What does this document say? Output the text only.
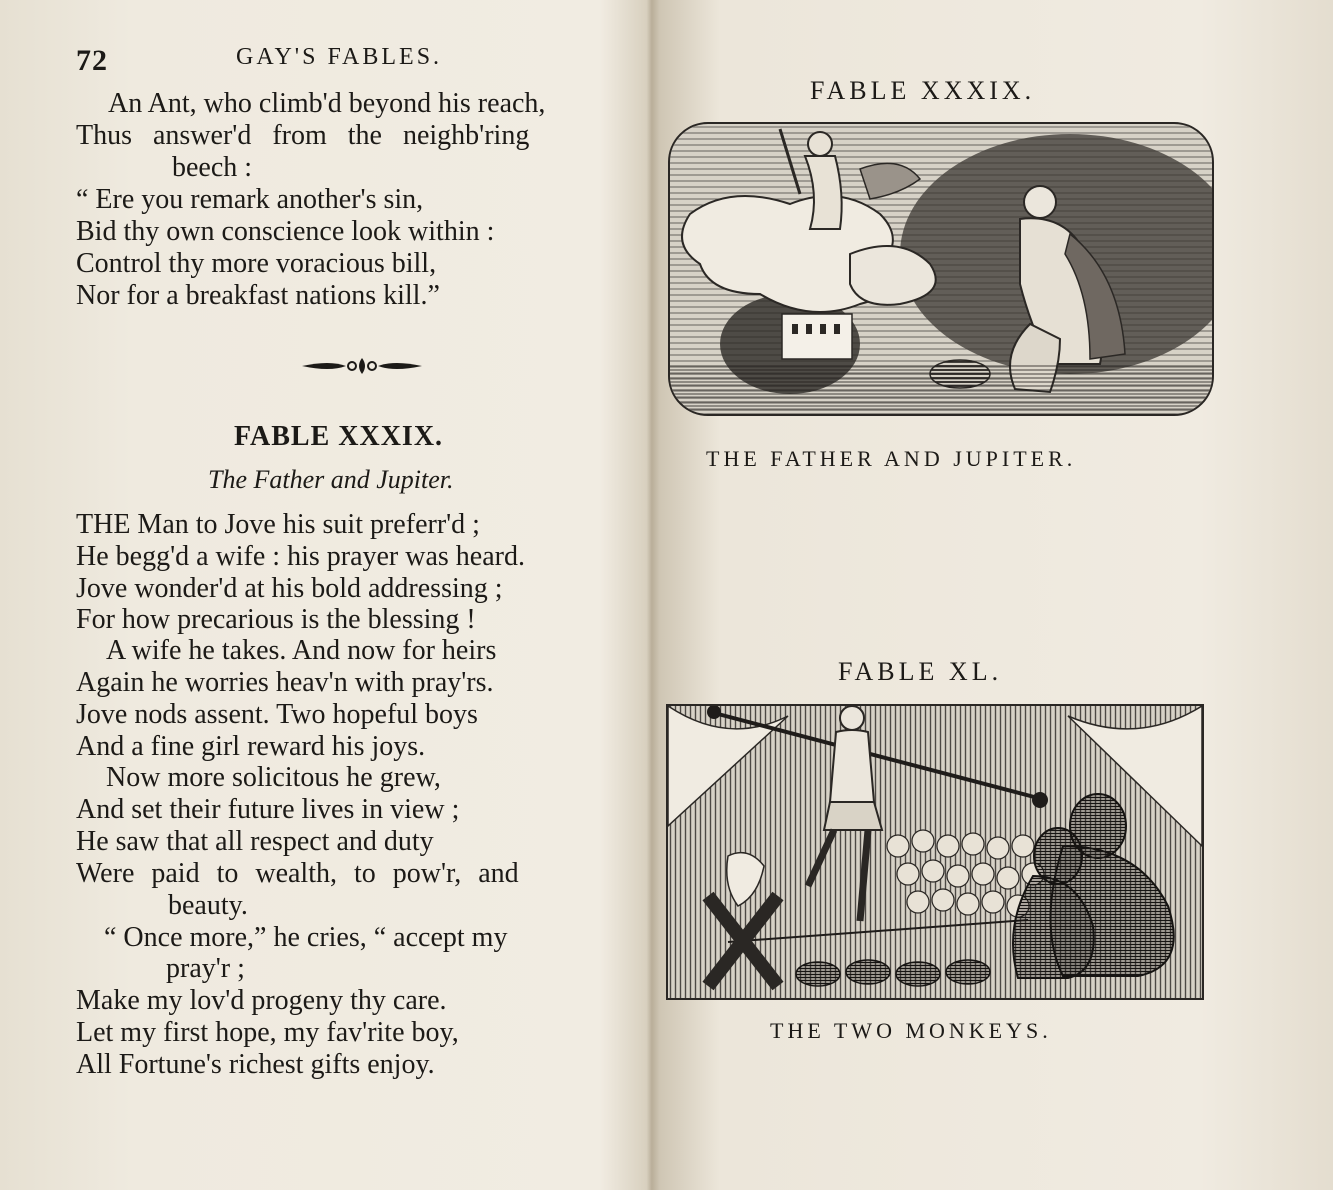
72	GAY'S FABLES.
An Ant, who climb'd beyond his reach,
Thus answer'd from the neighb'ring
beech :
“ Ere you remark another's sin,
Bid thy own conscience look within :
Control thy more voracious bill,
Nor for a breakfast nations kill.”
FABLE XXXIX.
The Father and Jupiter.
THE Man to Jove his suit preferr'd ;
He begg'd a wife : his prayer was heard.
Jove wonder'd at his bold addressing ;
For how precarious is the blessing !
A wife he takes. And now for heirs
Again he worries heav'n with pray'rs.
Jove nods assent. Two hopeful boys
And a fine girl reward his joys.
Now more solicitous he grew,
And set their future lives in view ;
He saw that all respect and duty
Were paid to wealth, to pow'r, and
beauty.
“ Once more,” he cries, “ accept my
pray'r ;
Make my lov'd progeny thy care.
Let my first hope, my fav'rite boy,
All Fortune's richest gifts enjoy.
FABLE XXXIX.
THE FATHER AND JUPITER.
FABLE XL.
THE TWO MONKEYS.
